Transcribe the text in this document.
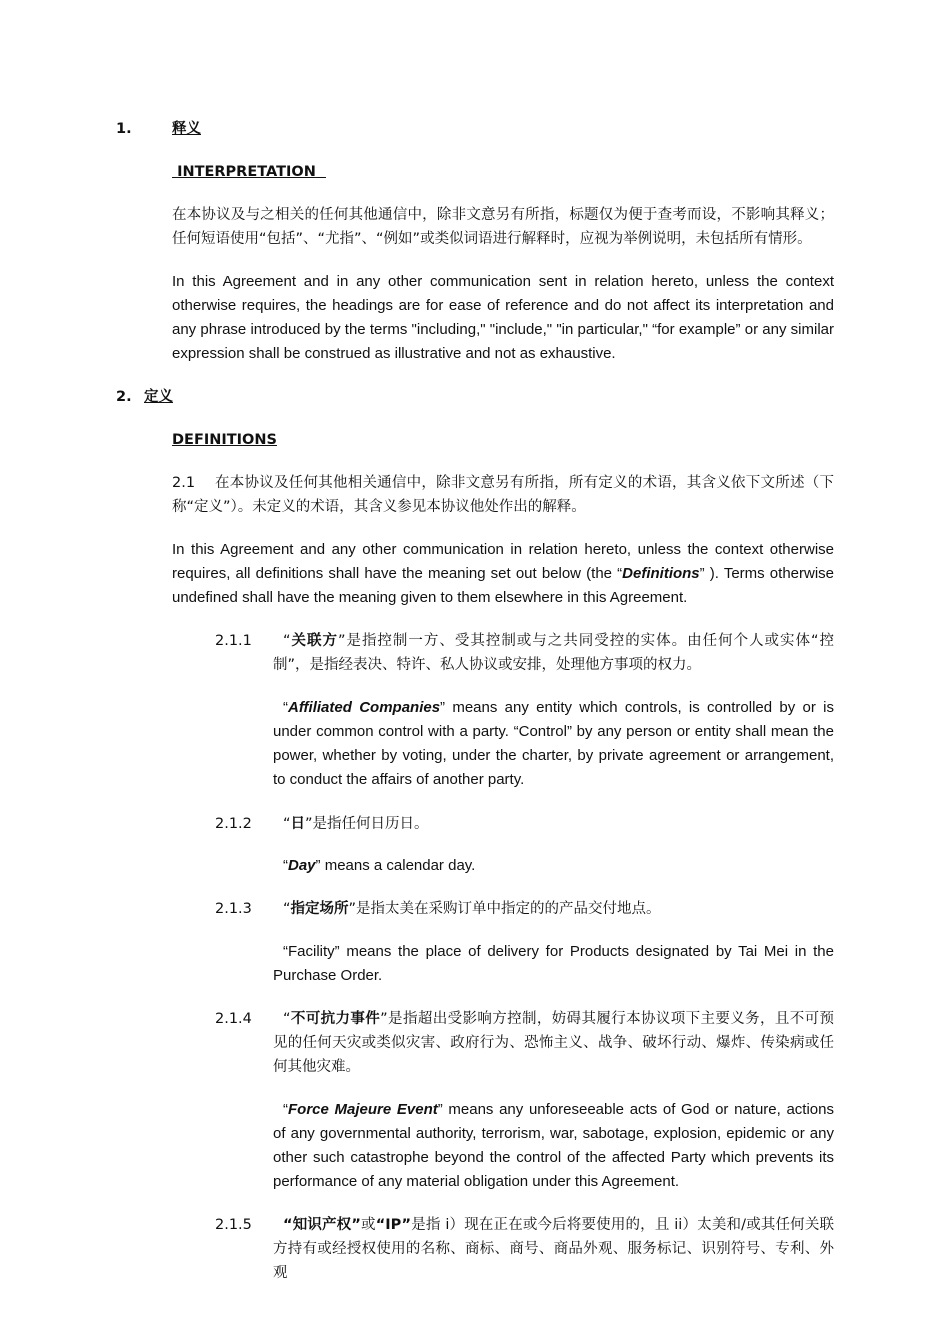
1.	释义
INTERPRETATION

在本协议及与之相关的任何其他通信中，除非文意另有所指，标题仅为便于查考而设，不影响其释义；任何短语使用“包括”、“尤指”、“例如”或类似词语进行解释时，应视为举例说明，未包括所有情形。

In this Agreement and in any other communication sent in relation hereto, unless the context otherwise requires, the headings are for ease of reference and do not affect its interpretation and any phrase introduced by the terms "including," "include," "in particular," “for example” or any similar expression shall be construed as illustrative and not as exhaustive.

2. 定义
DEFINITIONS
2.1	在本协议及任何其他相关通信中，除非文意另有所指，所有定义的术语，其含义依下文所述（下称“定义”）。未定义的术语，其含义参见本协议他处作出的解释。

In this Agreement and any other communication in relation hereto, unless the context otherwise requires, all definitions shall have the meaning set out below (the “Definitions” ). Terms otherwise undefined shall have the meaning given to them elsewhere in this Agreement.

2.1.1	“关联方”是指控制一方、受其控制或与之共同受控的实体。由任何个人或实体“控制”，是指经表决、特许、私人协议或安排，处理他方事项的权力。

“Affiliated Companies” means any entity which controls, is controlled by or is under common control with a party. “Control” by any person or entity shall mean the power, whether by voting, under the charter, by private agreement or arrangement, to conduct the affairs of another party.

2.1.2	“日”是指任何日历日。

“Day” means a calendar day.

2.1.3	“指定场所”是指太美在采购订单中指定的的产品交付地点。

“Facility” means the place of delivery for Products designated by Tai Mei in the Purchase Order.

2.1.4	“不可抗力事件”是指超出受影响方控制，妨碍其履行本协议项下主要义务，且不可预见的任何天灾或类似灾害、政府行为、恐怖主义、战争、破坏行动、爆炸、传染病或任何其他灾难。

“Force Majeure Event” means any unforeseeable acts of God or nature, actions of any governmental authority, terrorism, war, sabotage, explosion, epidemic or any other such catastrophe beyond the control of the affected Party which prevents its performance of any material obligation under this Agreement.

2.1.5	“知识产权”或“IP”是指 i）现在正在或今后将要使用的，且 ii）太美和/或其任何关联方持有或经授权使用的名称、商标、商号、商品外观、服务标记、识别符号、专利、外观
